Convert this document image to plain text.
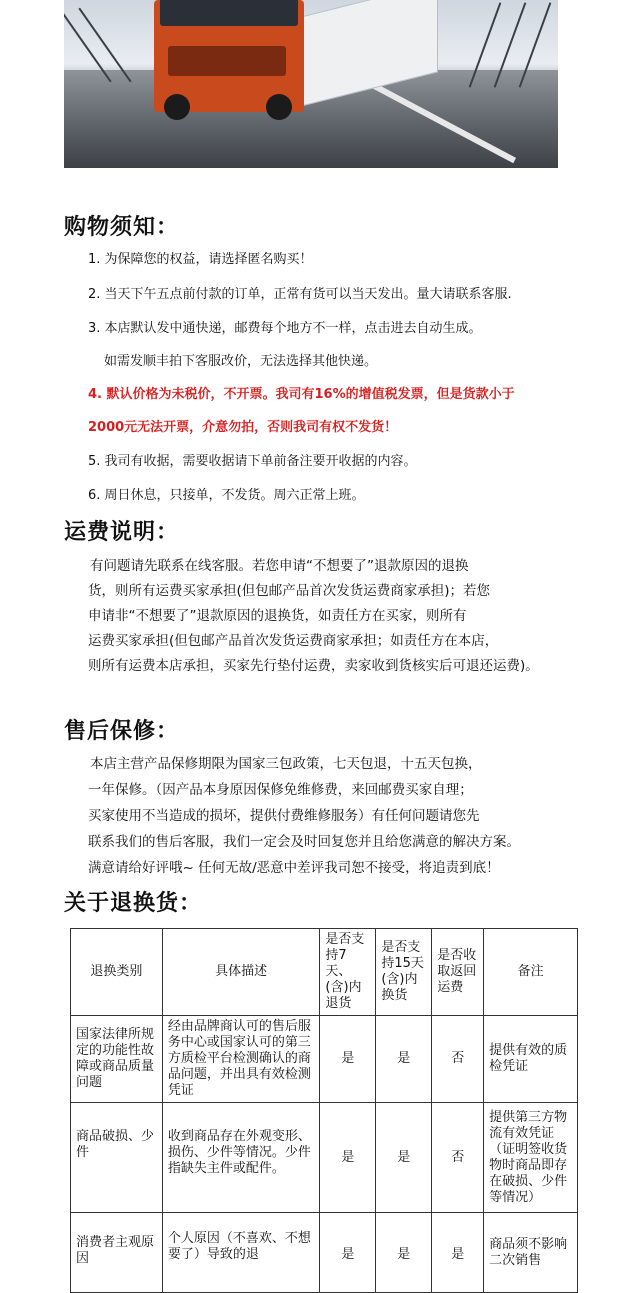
购物须知：
1. 为保障您的权益，请选择匿名购买！
2. 当天下午五点前付款的订单，正常有货可以当天发出。量大请联系客服.
3. 本店默认发中通快递，邮费每个地方不一样，点击进去自动生成。
如需发顺丰拍下客服改价，无法选择其他快递。
4. 默认价格为未税价，不开票。我司有16%的增值税发票，但是货款小于
2000元无法开票，介意勿拍，否则我司有权不发货！
5. 我司有收据，需要收据请下单前备注要开收据的内容。
6. 周日休息，只接单，不发货。周六正常上班。
运费说明：
有问题请先联系在线客服。若您申请“不想要了”退款原因的退换
货，则所有运费买家承担(但包邮产品首次发货运费商家承担)；若您
申请非“不想要了”退款原因的退换货，如责任方在买家，则所有
运费买家承担(但包邮产品首次发货运费商家承担；如责任方在本店，
则所有运费本店承担，买家先行垫付运费，卖家收到货核实后可退还运费)。
售后保修：
本店主营产品保修期限为国家三包政策，七天包退，十五天包换，
一年保修。（因产品本身原因保修免维修费，来回邮费买家自理；
买家使用不当造成的损坏，提供付费维修服务）有任何问题请您先
联系我们的售后客服，我们一定会及时回复您并且给您满意的解决方案。
满意请给好评哦~ 任何无故/恶意中差评我司恕不接受，将追责到底！
关于退换货：
退换类别	具体描述	是否支持7天、(含)内退货	是否支持15天(含)内换货	是否收取返回运费	备注
国家法律所规定的功能性故障或商品质量问题	经由品牌商认可的售后服务中心或国家认可的第三方质检平台检测确认的商品问题，并出具有效检测凭证	是	是	否	提供有效的质检凭证
商品破损、少件	收到商品存在外观变形、损伤、少件等情况。少件指缺失主件或配件。	是	是	否	提供第三方物流有效凭证（证明签收货物时商品即存在破损、少件等情况）
消费者主观原因	个人原因（不喜欢、不想要了）导致的退	是	是	是	商品须不影响二次销售
